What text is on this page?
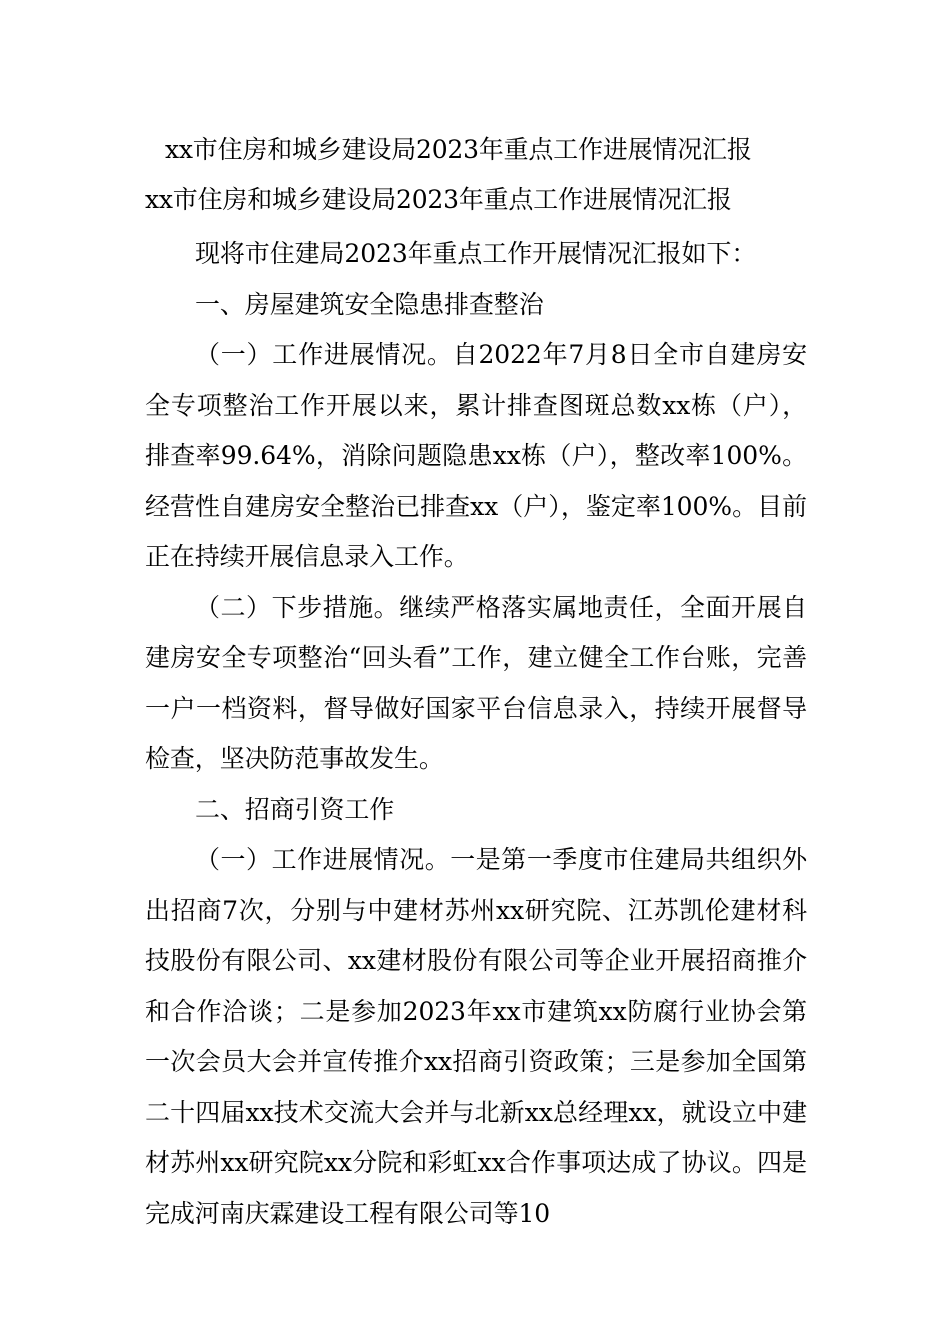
xx市住房和城乡建设局2023年重点工作进展情况汇报
xx市住房和城乡建设局2023年重点工作进展情况汇报

现将市住建局2023年重点工作开展情况汇报如下：

一、房屋建筑安全隐患排查整治

（一）工作进展情况。自2022年7月8日全市自建房安全专项整治工作开展以来，累计排查图斑总数xx栋（户），排查率99.64%，消除问题隐患xx栋（户），整改率100%。经营性自建房安全整治已排查xx（户），鉴定率100%。目前正在持续开展信息录入工作。

（二）下步措施。继续严格落实属地责任，全面开展自建房安全专项整治“回头看”工作，建立健全工作台账，完善一户一档资料，督导做好国家平台信息录入，持续开展督导检查，坚决防范事故发生。

二、招商引资工作

（一）工作进展情况。一是第一季度市住建局共组织外出招商7次，分别与中建材苏州xx研究院、江苏凯伦建材科技股份有限公司、xx建材股份有限公司等企业开展招商推介和合作洽谈；二是参加2023年xx市建筑xx防腐行业协会第一次会员大会并宣传推介xx招商引资政策；三是参加全国第二十四届xx技术交流大会并与北新xx总经理xx，就设立中建材苏州xx研究院xx分院和彩虹xx合作事项达成了协议。四是完成河南庆霖建设工程有限公司等10
